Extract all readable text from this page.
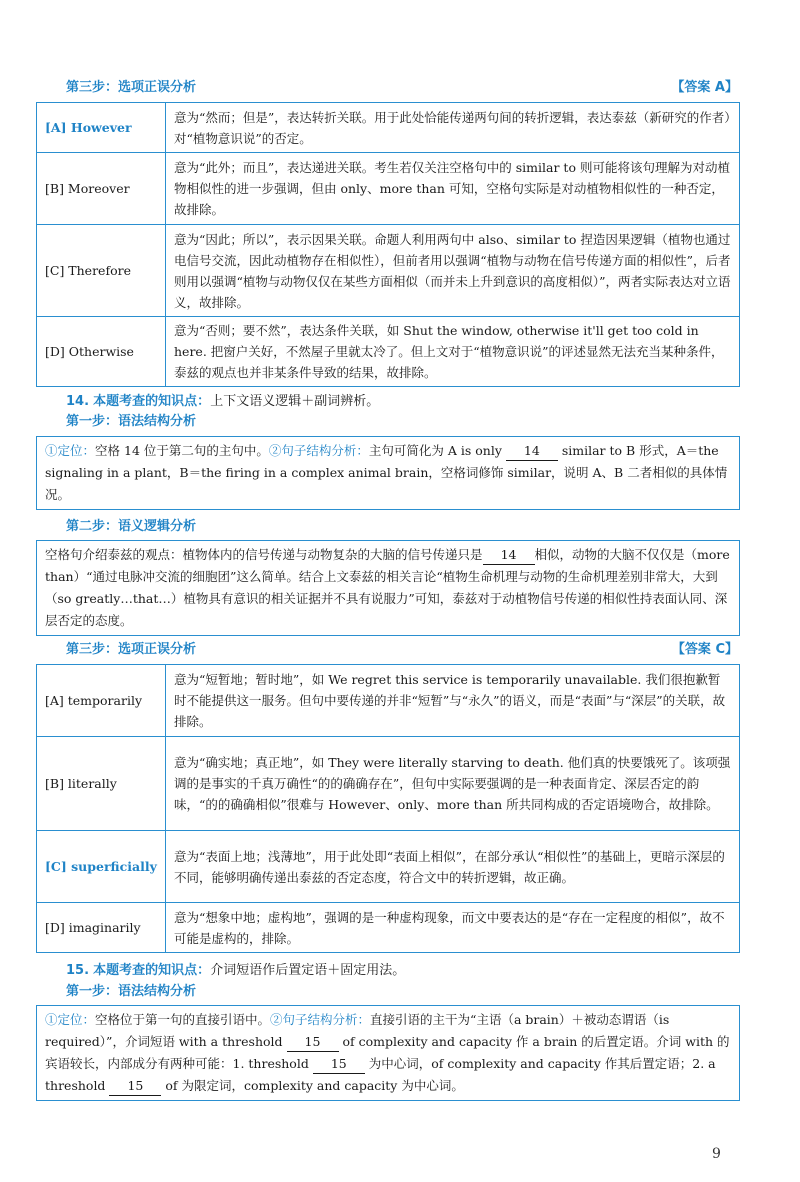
第三步：选项正误分析	【答案 A】
[A] However	意为“然而；但是”，表达转折关联。用于此处恰能传递两句间的转折逻辑，表达泰兹（新研究的作者）对“植物意识说”的否定。
[B] Moreover	意为“此外；而且”，表达递进关联。考生若仅关注空格句中的 similar to 则可能将该句理解为对动植物相似性的进一步强调，但由 only、more than 可知，空格句实际是对动植物相似性的一种否定，故排除。
[C] Therefore	意为“因此；所以”，表示因果关联。命题人利用两句中 also、similar to 捏造因果逻辑（植物也通过电信号交流，因此动植物存在相似性），但前者用以强调“植物与动物在信号传递方面的相似性”，后者则用以强调“植物与动物仅仅在某些方面相似（而并未上升到意识的高度相似）”，两者实际表达对立语义，故排除。
[D] Otherwise	意为“否则；要不然”，表达条件关联，如 Shut the window, otherwise it'll get too cold in here. 把窗户关好，不然屋子里就太冷了。但上文对于“植物意识说”的评述显然无法充当某种条件，泰兹的观点也并非某条件导致的结果，故排除。
14. 本题考查的知识点：上下文语义逻辑＋副词辨析。
第一步：语法结构分析
①定位：空格 14 位于第二句的主句中。②句子结构分析：主句可简化为 A is only 14 similar to B 形式，A＝the signaling in a plant，B＝the firing in a complex animal brain，空格词修饰 similar，说明 A、B 二者相似的具体情况。
第二步：语义逻辑分析
空格句介绍泰兹的观点：植物体内的信号传递与动物复杂的大脑的信号传递只是 14 相似，动物的大脑不仅仅是（more than）“通过电脉冲交流的细胞团”这么简单。结合上文泰兹的相关言论“植物生命机理与动物的生命机理差别非常大，大到（so greatly…that…）植物具有意识的相关证据并不具有说服力”可知，泰兹对于动植物信号传递的相似性持表面认同、深层否定的态度。
第三步：选项正误分析	【答案 C】
[A] temporarily	意为“短暂地；暂时地”，如 We regret this service is temporarily unavailable. 我们很抱歉暂时不能提供这一服务。但句中要传递的并非“短暂”与“永久”的语义，而是“表面”与“深层”的关联，故排除。
[B] literally	意为“确实地；真正地”，如 They were literally starving to death. 他们真的快要饿死了。该项强调的是事实的千真万确性“的的确确存在”，但句中实际要强调的是一种表面肯定、深层否定的韵味，“的的确确相似”很难与 However、only、more than 所共同构成的否定语境吻合，故排除。
[C] superficially	意为“表面上地；浅薄地”，用于此处即“表面上相似”，在部分承认“相似性”的基础上，更暗示深层的不同，能够明确传递出泰兹的否定态度，符合文中的转折逻辑，故正确。
[D] imaginarily	意为“想象中地；虚构地”，强调的是一种虚构现象，而文中要表达的是“存在一定程度的相似”，故不可能是虚构的，排除。
15. 本题考查的知识点：介词短语作后置定语＋固定用法。
第一步：语法结构分析
①定位：空格位于第一句的直接引语中。②句子结构分析：直接引语的主干为“主语（a brain）＋被动态谓语（is required）”，介词短语 with a threshold 15 of complexity and capacity 作 a brain 的后置定语。介词 with 的宾语较长，内部成分有两种可能：1. threshold 15 为中心词，of complexity and capacity 作其后置定语；2. a threshold 15 of 为限定词，complexity and capacity 为中心词。
9
